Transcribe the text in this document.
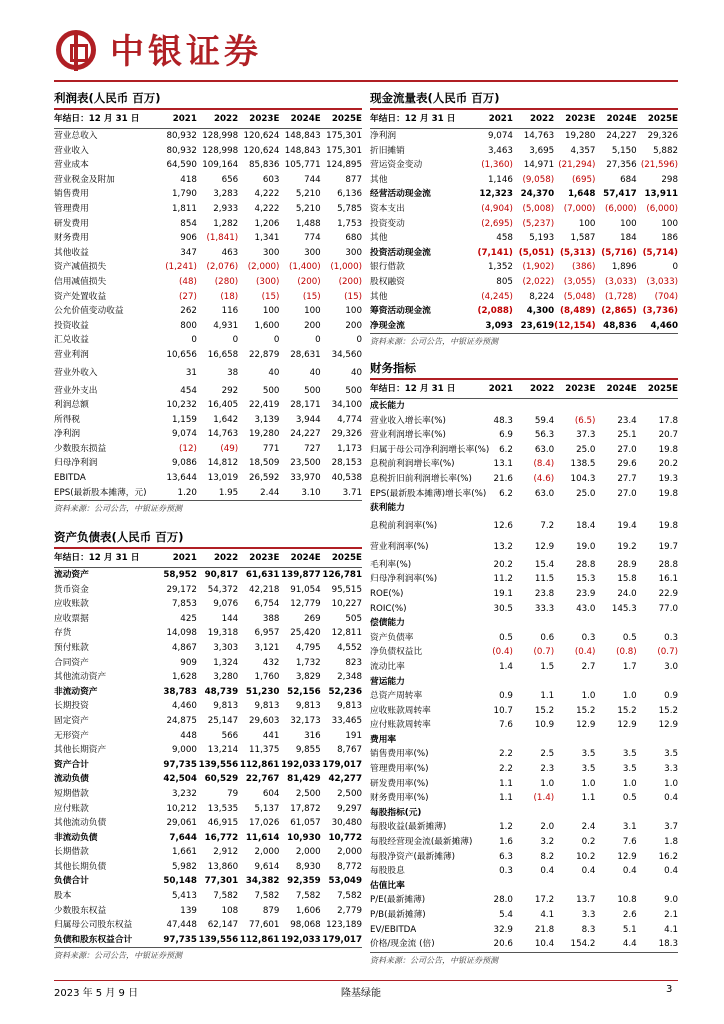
中银证券
利润表(人民币 百万)
年结日：12 月 31 日	2021	2022	2023E	2024E	2025E
营业总收入	80,932	128,998	120,624	148,843	175,301
营业收入	80,932	128,998	120,624	148,843	175,301
营业成本	64,590	109,164	85,836	105,771	124,895
营业税金及附加	418	656	603	744	877
销售费用	1,790	3,283	4,222	5,210	6,136
管理费用	1,811	2,933	4,222	5,210	5,785
研发费用	854	1,282	1,206	1,488	1,753
财务费用	906	(1,841)	1,341	774	680
其他收益	347	463	300	300	300
资产减值损失	(1,241)	(2,076)	(2,000)	(1,400)	(1,000)
信用减值损失	(48)	(280)	(300)	(200)	(200)
资产处置收益	(27)	(18)	(15)	(15)	(15)
公允价值变动收益	262	116	100	100	100
投资收益	800	4,931	1,600	200	200
汇兑收益	0	0	0	0	0
营业利润	10,656	16,658	22,879	28,631	34,560
营业外收入	31	38	40	40	40
营业外支出	454	292	500	500	500
利润总额	10,232	16,405	22,419	28,171	34,100
所得税	1,159	1,642	3,139	3,944	4,774
净利润	9,074	14,763	19,280	24,227	29,326
少数股东损益	(12)	(49)	771	727	1,173
归母净利润	9,086	14,812	18,509	23,500	28,153
EBITDA	13,644	13,019	26,592	33,970	40,538
EPS(最新股本摊薄，元)	1.20	1.95	2.44	3.10	3.71
资料来源：公司公告，中银证券预测
资产负债表(人民币 百万)
年结日：12 月 31 日	2021	2022	2023E	2024E	2025E
流动资产	58,952	90,817	61,631	139,877	126,781
货币资金	29,172	54,372	42,218	91,054	95,515
应收账款	7,853	9,076	6,754	12,779	10,227
应收票据	425	144	388	269	505
存货	14,098	19,318	6,957	25,420	12,811
预付账款	4,867	3,303	3,121	4,795	4,552
合同资产	909	1,324	432	1,732	823
其他流动资产	1,628	3,280	1,760	3,829	2,348
非流动资产	38,783	48,739	51,230	52,156	52,236
长期投资	4,460	9,813	9,813	9,813	9,813
固定资产	24,875	25,147	29,603	32,173	33,465
无形资产	448	566	441	316	191
其他长期资产	9,000	13,214	11,375	9,855	8,767
资产合计	97,735	139,556	112,861	192,033	179,017
流动负债	42,504	60,529	22,767	81,429	42,277
短期借款	3,232	79	604	2,500	2,500
应付账款	10,212	13,535	5,137	17,872	9,297
其他流动负债	29,061	46,915	17,026	61,057	30,480
非流动负债	7,644	16,772	11,614	10,930	10,772
长期借款	1,661	2,912	2,000	2,000	2,000
其他长期负债	5,982	13,860	9,614	8,930	8,772
负债合计	50,148	77,301	34,382	92,359	53,049
股本	5,413	7,582	7,582	7,582	7,582
少数股东权益	139	108	879	1,606	2,779
归属母公司股东权益	47,448	62,147	77,601	98,068	123,189
负债和股东权益合计	97,735	139,556	112,861	192,033	179,017
资料来源：公司公告，中银证券预测
现金流量表(人民币 百万)
年结日：12 月 31 日	2021	2022	2023E	2024E	2025E
净利润	9,074	14,763	19,280	24,227	29,326
折旧摊销	3,463	3,695	4,357	5,150	5,882
营运资金变动	(1,360)	14,971	(21,294)	27,356	(21,596)
其他	1,146	(9,058)	(695)	684	298
经营活动现金流	12,323	24,370	1,648	57,417	13,911
资本支出	(4,904)	(5,008)	(7,000)	(6,000)	(6,000)
投资变动	(2,695)	(5,237)	100	100	100
其他	458	5,193	1,587	184	186
投资活动现金流	(7,141)	(5,051)	(5,313)	(5,716)	(5,714)
银行借款	1,352	(1,902)	(386)	1,896	0
股权融资	805	(2,022)	(3,055)	(3,033)	(3,033)
其他	(4,245)	8,224	(5,048)	(1,728)	(704)
筹资活动现金流	(2,088)	4,300	(8,489)	(2,865)	(3,736)
净现金流	3,093	23,619	(12,154)	48,836	4,460
资料来源：公司公告，中银证券预测
财务指标
年结日：12 月 31 日	2021	2022	2023E	2024E	2025E
成长能力					
营业收入增长率(%)	48.3	59.4	(6.5)	23.4	17.8
营业利润增长率(%)	6.9	56.3	37.3	25.1	20.7
归属于母公司净利润增长率(%)	6.2	63.0	25.0	27.0	19.8
息税前利润增长率(%)	13.1	(8.4)	138.5	29.6	20.2
息税折旧前利润增长率(%)	21.6	(4.6)	104.3	27.7	19.3
EPS(最新股本摊薄)增长率(%)	6.2	63.0	25.0	27.0	19.8
获利能力					
息税前利润率(%)	12.6	7.2	18.4	19.4	19.8
营业利润率(%)	13.2	12.9	19.0	19.2	19.7
毛利率(%)	20.2	15.4	28.8	28.9	28.8
归母净利润率(%)	11.2	11.5	15.3	15.8	16.1
ROE(%)	19.1	23.8	23.9	24.0	22.9
ROIC(%)	30.5	33.3	43.0	145.3	77.0
偿债能力					
资产负债率	0.5	0.6	0.3	0.5	0.3
净负债权益比	(0.4)	(0.7)	(0.4)	(0.8)	(0.7)
流动比率	1.4	1.5	2.7	1.7	3.0
营运能力					
总资产周转率	0.9	1.1	1.0	1.0	0.9
应收账款周转率	10.7	15.2	15.2	15.2	15.2
应付账款周转率	7.6	10.9	12.9	12.9	12.9
费用率					
销售费用率(%)	2.2	2.5	3.5	3.5	3.5
管理费用率(%)	2.2	2.3	3.5	3.5	3.3
研发费用率(%)	1.1	1.0	1.0	1.0	1.0
财务费用率(%)	1.1	(1.4)	1.1	0.5	0.4
每股指标(元)					
每股收益(最新摊薄)	1.2	2.0	2.4	3.1	3.7
每股经营现金流(最新摊薄)	1.6	3.2	0.2	7.6	1.8
每股净资产(最新摊薄)	6.3	8.2	10.2	12.9	16.2
每股股息	0.3	0.4	0.4	0.4	0.4
估值比率					
P/E(最新摊薄)	28.0	17.2	13.7	10.8	9.0
P/B(最新摊薄)	5.4	4.1	3.3	2.6	2.1
EV/EBITDA	32.9	21.8	8.3	5.1	4.1
价格/现金流 (倍)	20.6	10.4	154.2	4.4	18.3
资料来源：公司公告，中银证券预测
2023 年 5 月 9 日	隆基绿能	3
